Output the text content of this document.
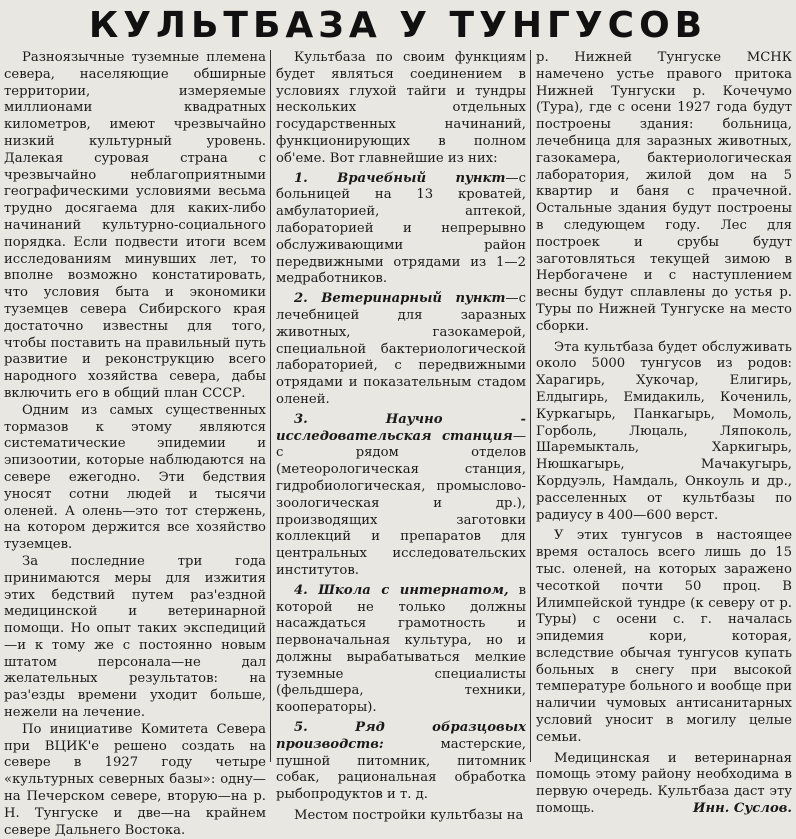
КУЛЬТБАЗА У ТУНГУСОВ

Разноязычные туземные племена севера, населяющие обширные территории, измеряемые миллионами квадратных километров, имеют чрезвычайно низкий культурный уровень. Далекая суровая страна с чрезвычайно неблагоприятными географическими условиями весьма трудно досягаема для каких-либо начинаний культурно-социального порядка. Если подвести итоги всем исследованиям минувших лет, то вполне возможно констатировать, что условия быта и экономики туземцев севера Сибирского края достаточно известны для того, чтобы поставить на правильный путь развитие и реконструкцию всего народного хозяйства севера, дабы включить его в общий план СССР.

Одним из самых существенных тормазов к этому являются систематические эпидемии и эпизоотии, которые наблюдаются на севере ежегодно. Эти бедствия уносят сотни людей и тысячи оленей. А олень—это тот стержень, на котором держится все хозяйство туземцев.

За последние три года принимаются меры для изжития этих бедствий путем раз'ездной медицинской и ветеринарной помощи. Но опыт таких экспедиций—и к тому же с постоянно новым штатом персонала—не дал желательных результатов: на раз'езды времени уходит больше, нежели на лечение.

По инициативе Комитета Севера при ВЦИК'е решено создать на севере в 1927 году четыре «культурных северных базы»: одну—на Печерском севере, вторую—на р. Н. Тунгуске и две—на крайнем севере Дальнего Востока.

Культбаза по своим функциям будет являться соединением в условиях глухой тайги и тундры нескольких отдельных государственных начинаний, функционирующих в полном об'еме. Вот главнейшие из них:

1. Врачебный пункт—с больницей на 13 кроватей, амбулаторией, аптекой, лабораторией и непрерывно обслуживающими район передвижными отрядами из 1—2 медработников.

2. Ветеринарный пункт—с лечебницей для заразных животных, газокамерой, специальной бактериологической лабораторией, с передвижными отрядами и показательным стадом оленей.

3. Научно - исследовательская станция—с рядом отделов (метеорологическая станция, гидробиологическая, промыслово-зоологическая и др.), производящих заготовки коллекций и препаратов для центральных исследовательских институтов.

4. Школа с интернатом, в которой не только должны насаждаться грамотность и первоначальная культура, но и должны вырабатываться мелкие туземные специалисты (фельдшера, техники, кооператоры).

5. Ряд образцовых производств: мастерские, пушной питомник, питомник собак, рациональная обработка рыбопродуктов и т. д.

Местом постройки культбазы на

р. Нижней Тунгуске МСНК намечено устье правого притока Нижней Тунгуски р. Кочечумо (Тура), где с осени 1927 года будут построены здания: больница, лечебница для заразных животных, газокамера, бактериологическая лаборатория, жилой дом на 5 квартир и баня с прачечной. Остальные здания будут построены в следующем году. Лес для построек и срубы будут заготовляться текущей зимою в Нербогачене и с наступлением весны будут сплавлены до устья р. Туры по Нижней Тунгуске на место сборки.

Эта культбаза будет обслуживать около 5000 тунгусов из родов: Харагирь, Хукочар, Елигирь, Елдыгирь, Емидакиль, Кочениль, Куркагырь, Панкагырь, Момоль, Горболь, Люцаль, Ляпоколь, Шаремыкталь, Харкигырь, Нюшкагырь, Мачакугырь, Кордуэль, Намдаль, Онкоуль и др., расселенных от культбазы по радиусу в 400—600 верст.

У этих тунгусов в настоящее время осталось всего лишь до 15 тыс. оленей, на которых заражено чесоткой почти 50 проц. В Илимпейской тундре (к северу от р. Туры) с осени с. г. началась эпидемия кори, которая, вследствие обычая тунгусов купать больных в снегу при высокой температуре больного и вообще при наличии чумовых антисанитарных условий уносит в могилу целые семьи.

Медицинская и ветеринарная помощь этому району необходима в первую очередь. Культбаза даст эту помощь.	Инн. Суслов.
